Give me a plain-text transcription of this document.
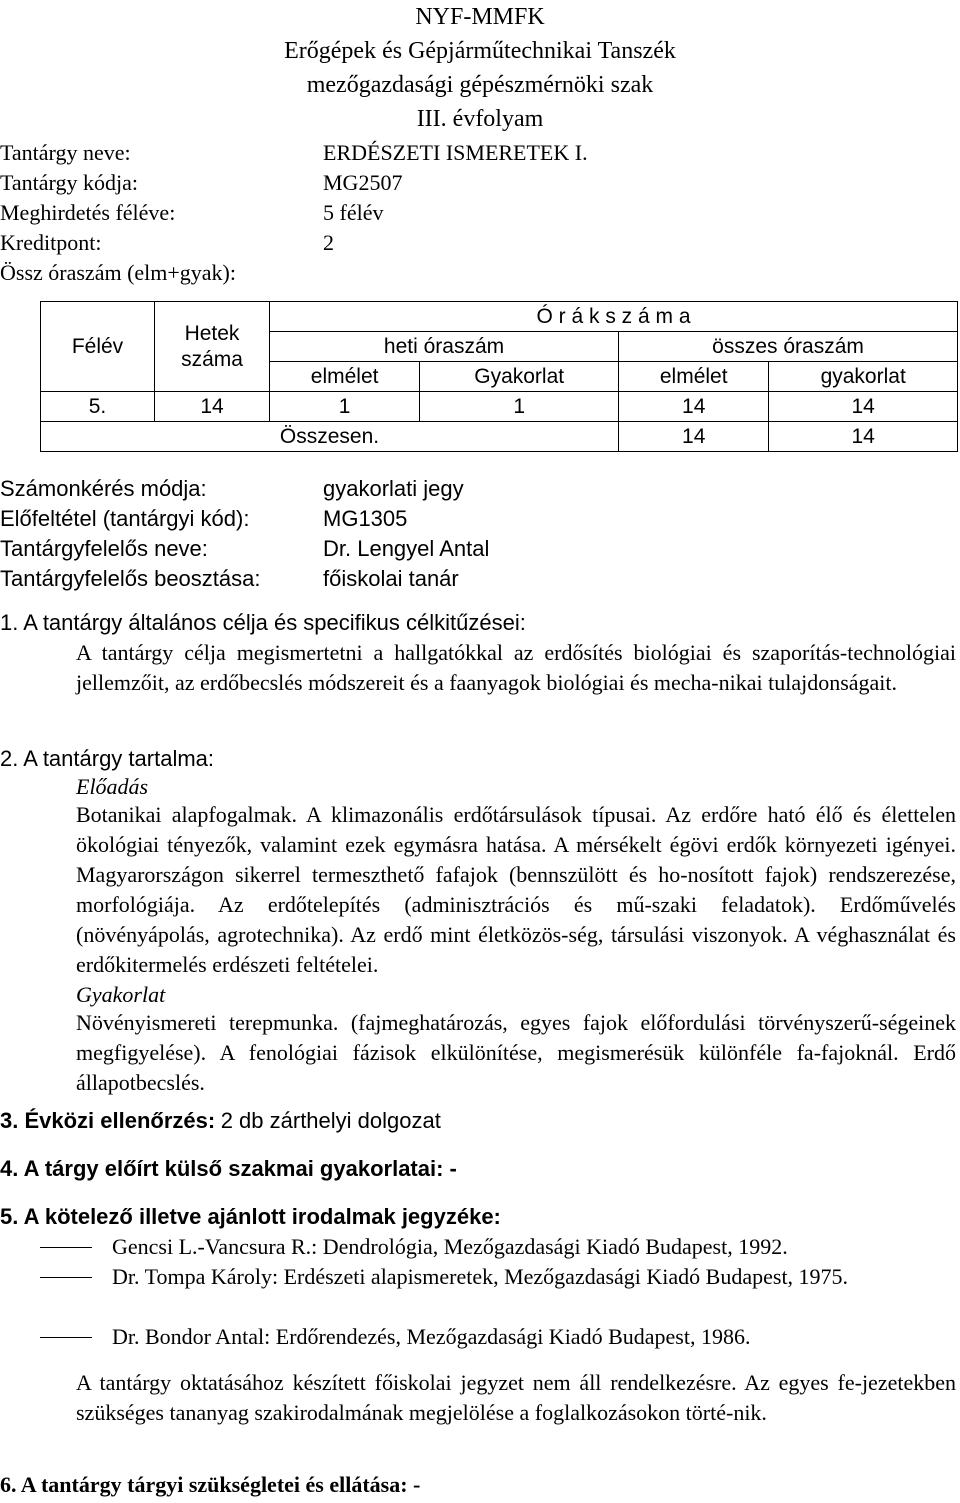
NYF-MMFK
Erőgépek és Gépjárműtechnikai Tanszék
mezőgazdasági gépészmérnöki szak
III. évfolyam
Tantárgy neve:	ERDÉSZETI ISMERETEK I.
Tantárgy kódja:	MG2507
Meghirdetés féléve:	5 félév
Kreditpont:	2
Össz óraszám (elm+gyak):
Félév	Hetek száma	Ó r á k s z á m a			
		heti óraszám		összes óraszám	
		elmélet	Gyakorlat	elmélet	gyakorlat
5.	14	1	1	14	14
Összesen.				14	14
Számonkérés módja:	gyakorlati jegy
Előfeltétel (tantárgyi kód):	MG1305
Tantárgyfelelős neve:	Dr. Lengyel Antal
Tantárgyfelelős beosztása:	főiskolai tanár
1. A tantárgy általános célja és specifikus célkitűzései:
A tantárgy célja megismertetni a hallgatókkal az erdősítés biológiai és szaporítás-technológiai jellemzőit, az erdőbecslés módszereit és a faanyagok biológiai és mecha-nikai tulajdonságait.
2. A tantárgy tartalma:
Előadás
Botanikai alapfogalmak. A klimazonális erdőtársulások típusai. Az erdőre ható élő és élettelen ökológiai tényezők, valamint ezek egymásra hatása. A mérsékelt égövi erdők környezeti igényei. Magyarországon sikerrel termeszthető fafajok (bennszülött és ho-nosított fajok) rendszerezése, morfológiája. Az erdőtelepítés (adminisztrációs és mű-szaki feladatok). Erdőművelés (növényápolás, agrotechnika). Az erdő mint életközös-ség, társulási viszonyok. A véghasználat és erdőkitermelés erdészeti feltételei.
Gyakorlat
Növényismereti terepmunka. (fajmeghatározás, egyes fajok előfordulási törvényszerű-ségeinek megfigyelése). A fenológiai fázisok elkülönítése, megismerésük különféle fa-fajoknál. Erdő állapotbecslés.
3. Évközi ellenőrzés: 2 db zárthelyi dolgozat
4. A tárgy előírt külső szakmai gyakorlatai: -
5. A kötelező illetve ajánlott irodalmak jegyzéke:
Gencsi L.-Vancsura R.: Dendrológia, Mezőgazdasági Kiadó Budapest, 1992.
Dr. Tompa Károly: Erdészeti alapismeretek, Mezőgazdasági Kiadó Budapest, 1975.
Dr. Bondor Antal: Erdőrendezés, Mezőgazdasági Kiadó Budapest, 1986.
A tantárgy oktatásához készített főiskolai jegyzet nem áll rendelkezésre. Az egyes fe-jezetekben szükséges tananyag szakirodalmának megjelölése a foglalkozásokon törté-nik.
6. A tantárgy tárgyi szükségletei és ellátása: -
